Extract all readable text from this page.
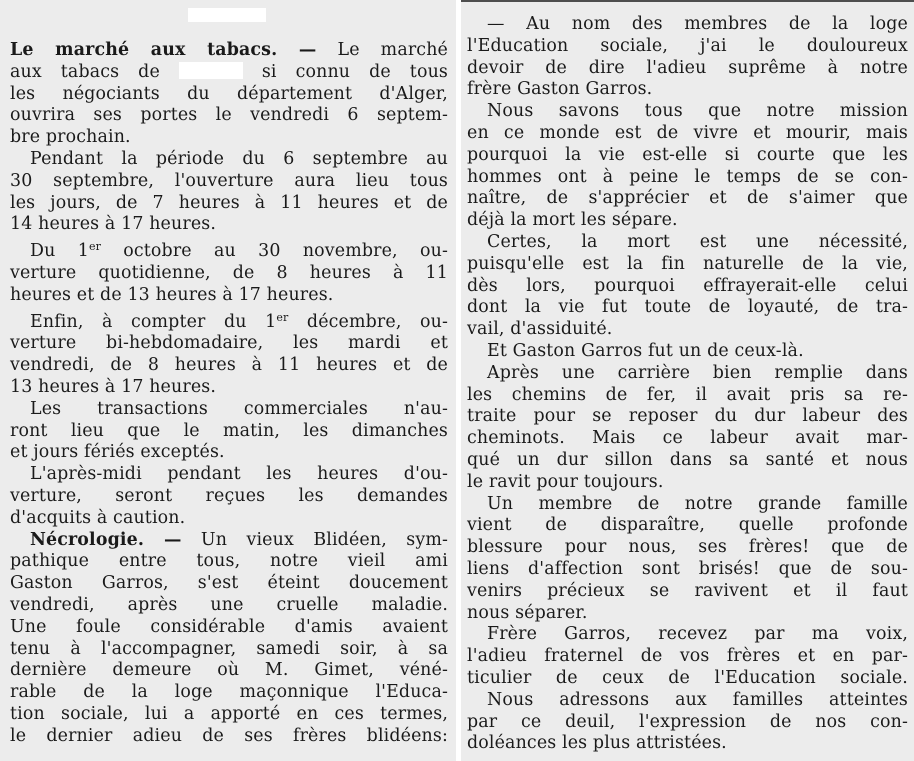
Le marché aux tabacs. — Le marché
aux tabacs de	si connu de tous
les négociants du département d'Alger,
ouvrira ses portes le vendredi 6 septem-
bre prochain.
Pendant la période du 6 septembre au
30 septembre, l'ouverture aura lieu tous
les jours, de 7 heures à 11 heures et de
14 heures à 17 heures.
Du 1er octobre au 30 novembre, ou-
verture quotidienne, de 8 heures à 11
heures et de 13 heures à 17 heures.
Enfin, à compter du 1er décembre, ou-
verture bi-hebdomadaire, les mardi et
vendredi, de 8 heures à 11 heures et de
13 heures à 17 heures.
Les transactions commerciales n'au-
ront lieu que le matin, les dimanches
et jours fériés exceptés.
L'après-midi pendant les heures d'ou-
verture, seront reçues les demandes
d'acquits à caution.
Nécrologie. — Un vieux Blidéen, sym-
pathique entre tous, notre vieil ami
Gaston Garros, s'est éteint doucement
vendredi, après une cruelle maladie.
Une foule considérable d'amis avaient
tenu à l'accompagner, samedi soir, à sa
dernière demeure où M. Gimet, véné-
rable de la loge maçonnique l'Educa-
tion sociale, lui a apporté en ces termes,
le dernier adieu de ses frères blidéens:
— Au nom des membres de la loge
l'Education sociale, j'ai le douloureux
devoir de dire l'adieu suprême à notre
frère Gaston Garros.
Nous savons tous que notre mission
en ce monde est de vivre et mourir, mais
pourquoi la vie est-elle si courte que les
hommes ont à peine le temps de se con-
naître, de s'apprécier et de s'aimer que
déjà la mort les sépare.
Certes, la mort est une nécessité,
puisqu'elle est la fin naturelle de la vie,
dès lors, pourquoi effrayerait-elle celui
dont la vie fut toute de loyauté, de tra-
vail, d'assiduité.
Et Gaston Garros fut un de ceux-là.
Après une carrière bien remplie dans
les chemins de fer, il avait pris sa re-
traite pour se reposer du dur labeur des
cheminots. Mais ce labeur avait mar-
qué un dur sillon dans sa santé et nous
le ravit pour toujours.
Un membre de notre grande famille
vient de disparaître, quelle profonde
blessure pour nous, ses frères! que de
liens d'affection sont brisés! que de sou-
venirs précieux se ravivent et il faut
nous séparer.
Frère Garros, recevez par ma voix,
l'adieu fraternel de vos frères et en par-
ticulier de ceux de l'Education sociale.
Nous adressons aux familles atteintes
par ce deuil, l'expression de nos con-
doléances les plus attristées.
